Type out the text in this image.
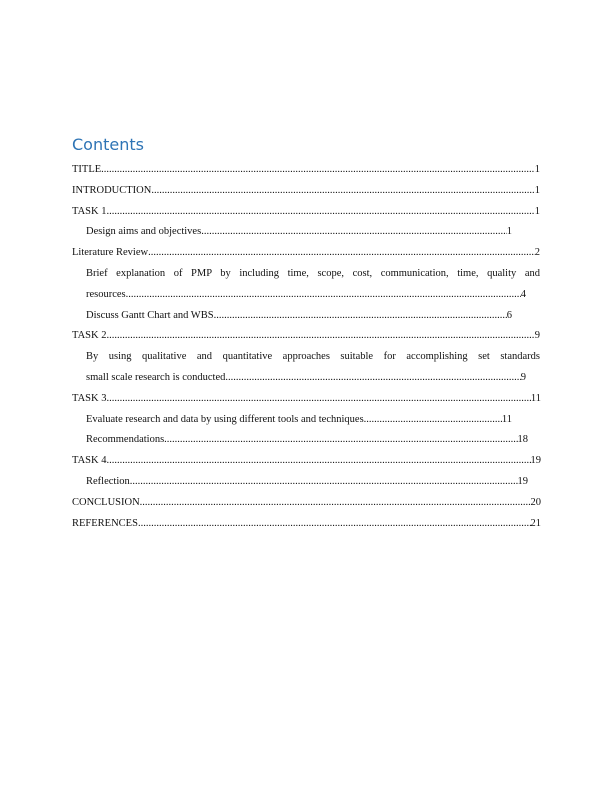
Contents
TITLE .....	1
INTRODUCTION .....	1
TASK 1 .....	1
Design aims and objectives .....	1
Literature Review .....	2
Brief explanation of PMP by including time, scope, cost, communication, time, quality and
resources .....	4
Discuss Gantt Chart and WBS .....	6
TASK 2 .....	9
By using qualitative and quantitative approaches suitable for accomplishing set standards
small scale research is conducted .....	9
TASK 3 .....	11
Evaluate research and data by using different tools and techniques .....	11
Recommendations .....	18
TASK 4 .....	19
Reflection .....	19
CONCLUSION .....	20
REFERENCES .....	21
